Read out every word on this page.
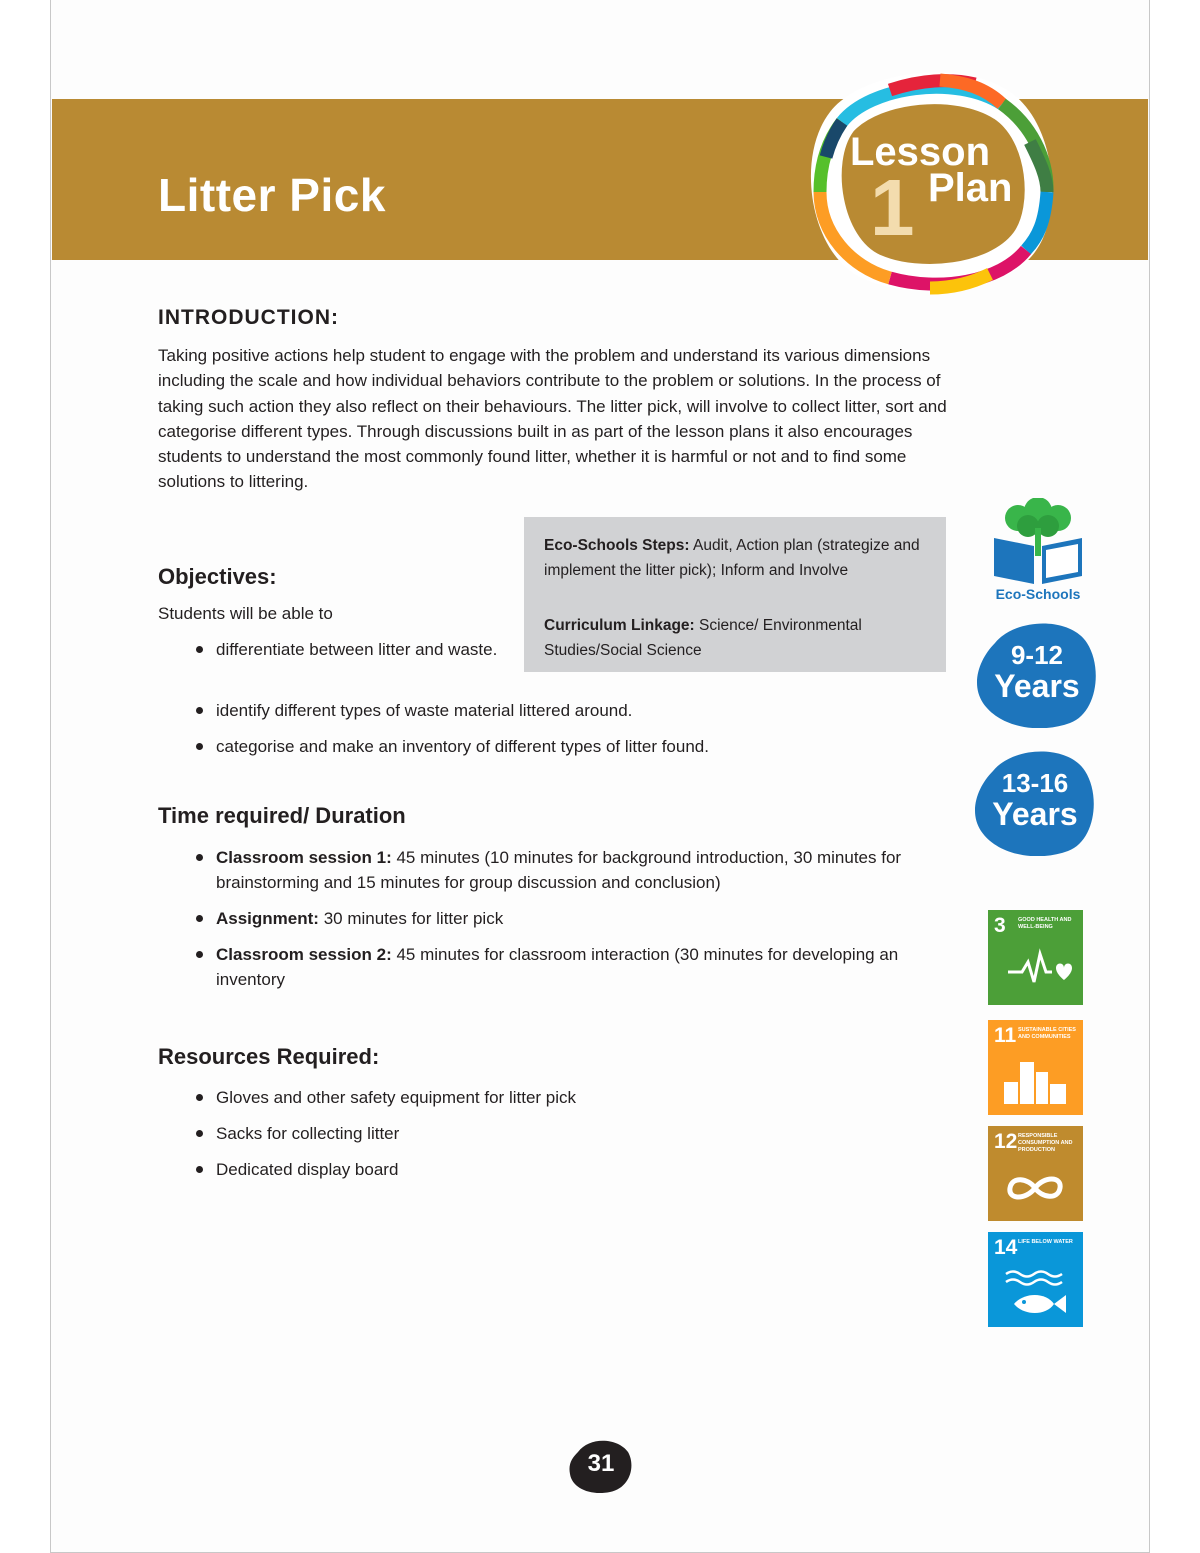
Litter Pick
Lesson
1 Plan
INTRODUCTION:
Taking positive actions help student to engage with the problem and understand its various dimensions including the scale and how individual behaviors contribute to the problem or solutions. In the process of taking such action they also reflect on their behaviours. The litter pick, will involve to collect litter, sort and categorise different types. Through discussions built in as part of the lesson plans it also encourages students to understand the most commonly found litter, whether it is harmful or not and to find some solutions to littering.
Eco-Schools Steps: Audit, Action plan (strategize and implement the litter pick); Inform and Involve
Curriculum Linkage: Science/ Environmental Studies/Social Science
Objectives:
Students will be able to
differentiate between litter and waste.
identify different types of waste material littered around.
categorise and make an inventory of different types of litter found.
Time required/ Duration
Classroom session 1: 45 minutes (10 minutes for background introduction, 30 minutes for brainstorming and 15 minutes for group discussion and conclusion)
Assignment: 30 minutes for litter pick
Classroom session 2: 45 minutes for classroom interaction (30 minutes for developing an inventory
Resources Required:
Gloves and other safety equipment for litter pick
Sacks for collecting litter
Dedicated display board
Eco-Schools
9-12
Years
13-16
Years
3 GOOD HEALTH AND WELL-BEING
11 SUSTAINABLE CITIES AND COMMUNITIES
12 RESPONSIBLE CONSUMPTION AND PRODUCTION
14 LIFE BELOW WATER
31
